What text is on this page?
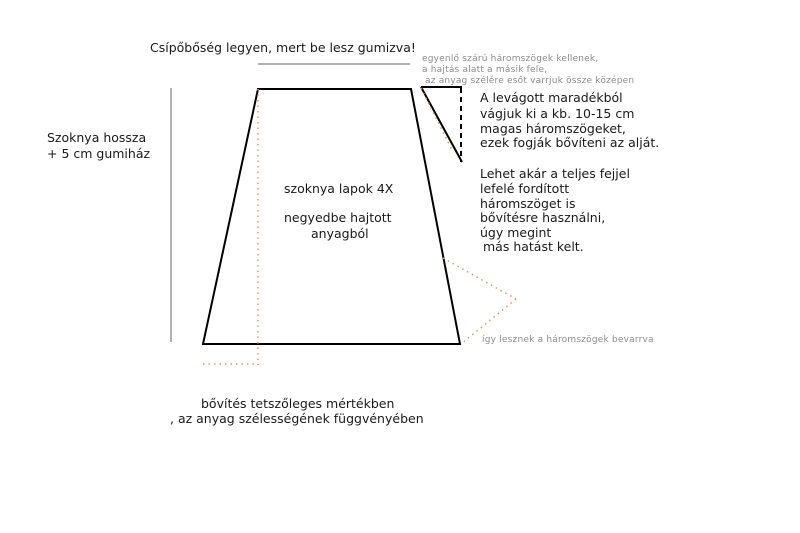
Csípőbőség legyen, mert be lesz gumizva!
Szoknya hossza
+ 5 cm gumiház
szoknya lapok 4X
negyedbe hajtott
anyagból
bővítés tetszőleges mértékben
, az anyag szélességének függvényében
A levágott maradékból
vágjuk ki a kb. 10-15 cm
magas háromszögeket,
ezek fogják bővíteni az alját.
Lehet akár a teljes fejjel
lefelé fordított
háromszöget is
bővítésre használni,
úgy megint
más hatást kelt.
egyenlő szárú háromszögek kellenek,
a hajtás alatt a másik fele,
az anyag szélére esőt varrjuk össze középen
így lesznek a háromszögek bevarrva
